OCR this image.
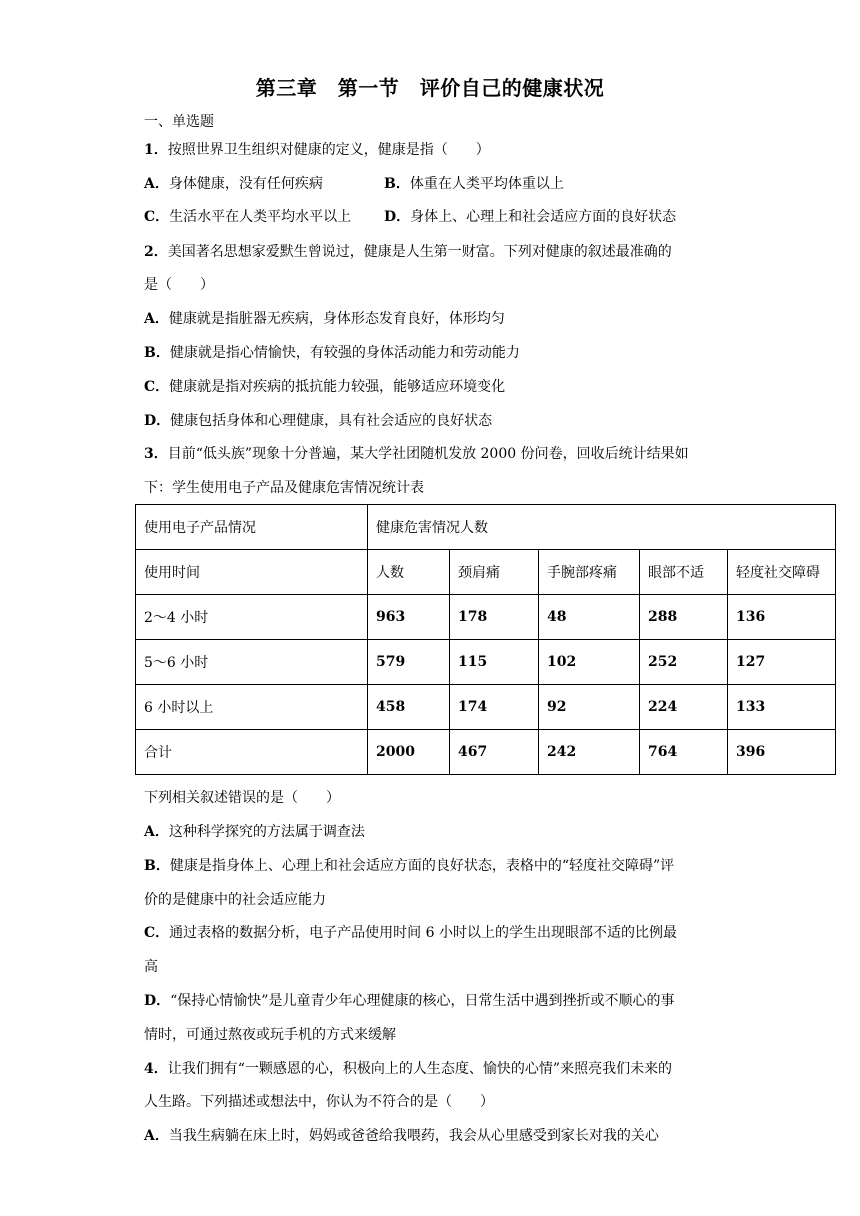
第三章　第一节　评价自己的健康状况
一、单选题
1．按照世界卫生组织对健康的定义，健康是指（　　）
A．身体健康，没有任何疾病	B．体重在人类平均体重以上
C．生活水平在人类平均水平以上 D．身体上、心理上和社会适应方面的良好状态
2．美国著名思想家爱默生曾说过，健康是人生第一财富。下列对健康的叙述最准确的
是（　　）
A．健康就是指脏器无疾病，身体形态发育良好，体形均匀
B．健康就是指心情愉快，有较强的身体活动能力和劳动能力
C．健康就是指对疾病的抵抗能力较强，能够适应环境变化
D．健康包括身体和心理健康，具有社会适应的良好状态
3．目前“低头族”现象十分普遍，某大学社团随机发放 2000 份问卷，回收后统计结果如
下：学生使用电子产品及健康危害情况统计表
使用电子产品情况	健康危害情况人数				
使用时间	人数	颈肩痛	手腕部疼痛	眼部不适	轻度社交障碍
2～4 小时	963	178	48	288	136
5～6 小时	579	115	102	252	127
6 小时以上	458	174	92	224	133
合计	2000	467	242	764	396
下列相关叙述错误的是（　　）
A．这种科学探究的方法属于调查法
B．健康是指身体上、心理上和社会适应方面的良好状态，表格中的“轻度社交障碍”评
价的是健康中的社会适应能力
C．通过表格的数据分析，电子产品使用时间 6 小时以上的学生出现眼部不适的比例最
高
D．“保持心情愉快”是儿童青少年心理健康的核心，日常生活中遇到挫折或不顺心的事
情时，可通过熬夜或玩手机的方式来缓解
4．让我们拥有“一颗感恩的心，积极向上的人生态度、愉快的心情”来照亮我们未来的
人生路。下列描述或想法中，你认为不符合的是（　　）
A．当我生病躺在床上时，妈妈或爸爸给我喂药，我会从心里感受到家长对我的关心
